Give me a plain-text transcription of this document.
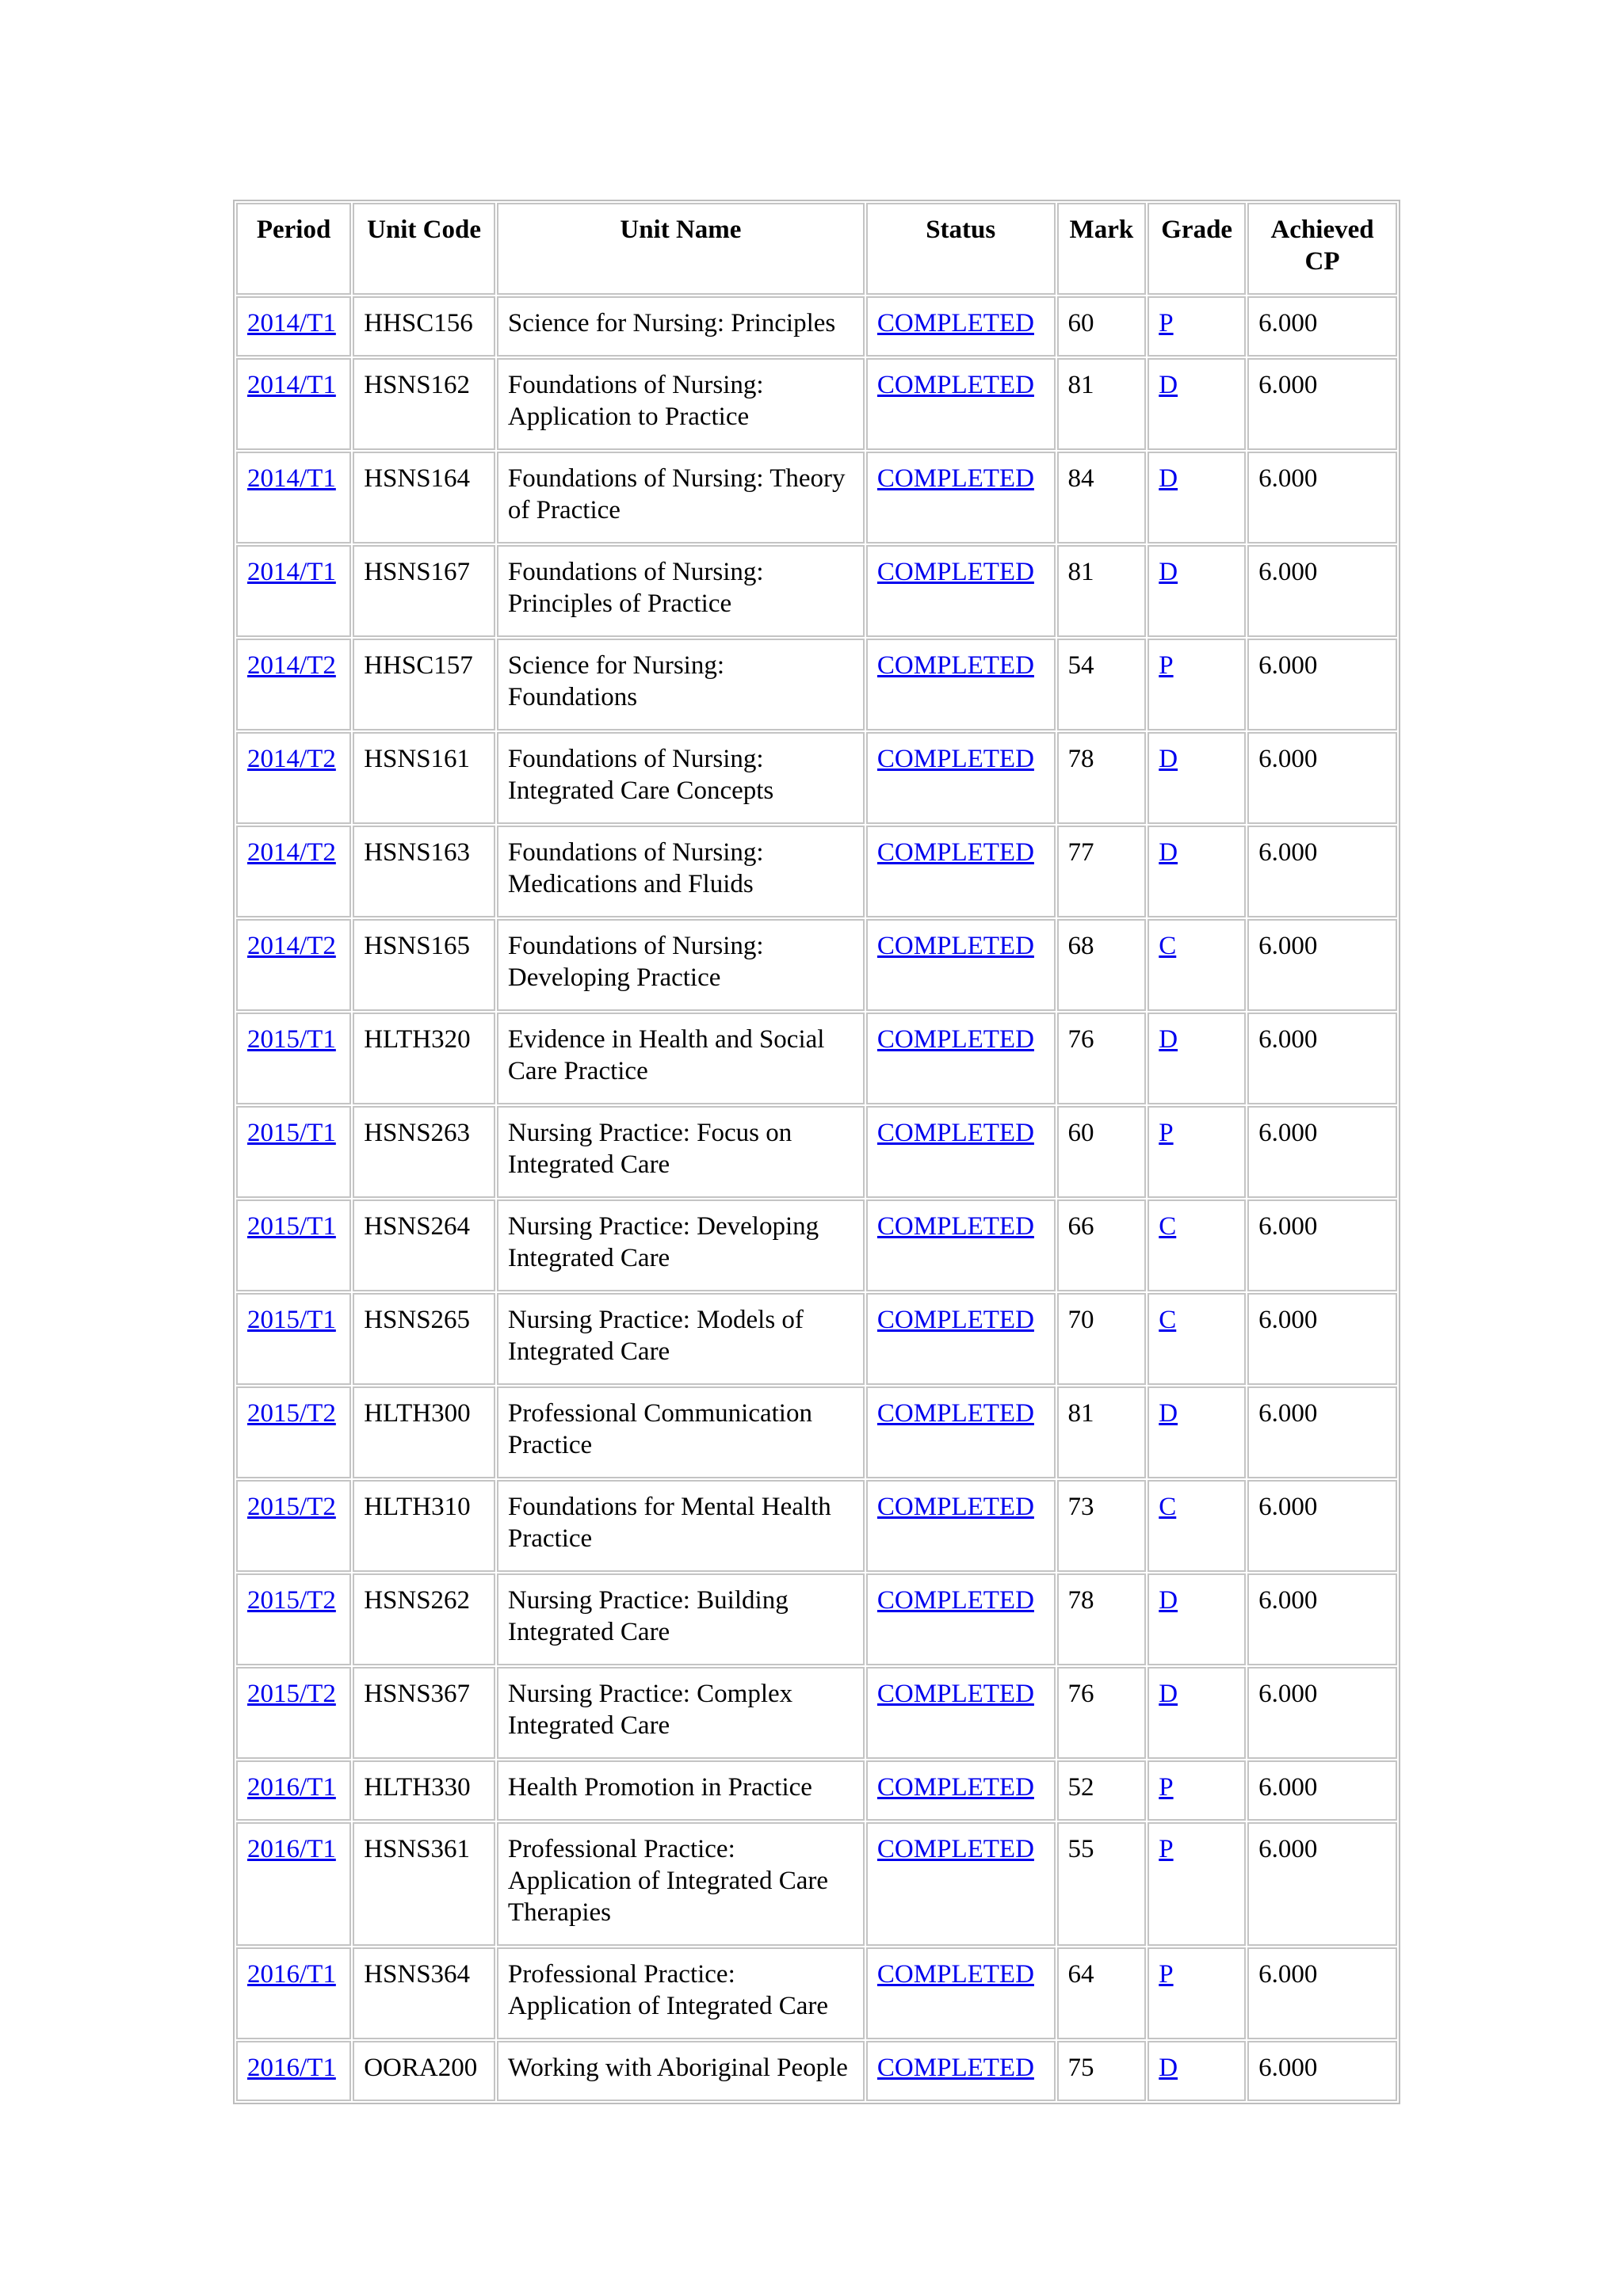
Period	Unit Code	Unit Name	Status	Mark	Grade	Achieved CP
2014/T1	HHSC156	Science for Nursing: Principles	COMPLETED	60	P	6.000
2014/T1	HSNS162	Foundations of Nursing: Application to Practice	COMPLETED	81	D	6.000
2014/T1	HSNS164	Foundations of Nursing: Theory of Practice	COMPLETED	84	D	6.000
2014/T1	HSNS167	Foundations of Nursing: Principles of Practice	COMPLETED	81	D	6.000
2014/T2	HHSC157	Science for Nursing: Foundations	COMPLETED	54	P	6.000
2014/T2	HSNS161	Foundations of Nursing: Integrated Care Concepts	COMPLETED	78	D	6.000
2014/T2	HSNS163	Foundations of Nursing: Medications and Fluids	COMPLETED	77	D	6.000
2014/T2	HSNS165	Foundations of Nursing: Developing Practice	COMPLETED	68	C	6.000
2015/T1	HLTH320	Evidence in Health and Social Care Practice	COMPLETED	76	D	6.000
2015/T1	HSNS263	Nursing Practice: Focus on Integrated Care	COMPLETED	60	P	6.000
2015/T1	HSNS264	Nursing Practice: Developing Integrated Care	COMPLETED	66	C	6.000
2015/T1	HSNS265	Nursing Practice: Models of Integrated Care	COMPLETED	70	C	6.000
2015/T2	HLTH300	Professional Communication Practice	COMPLETED	81	D	6.000
2015/T2	HLTH310	Foundations for Mental Health Practice	COMPLETED	73	C	6.000
2015/T2	HSNS262	Nursing Practice: Building Integrated Care	COMPLETED	78	D	6.000
2015/T2	HSNS367	Nursing Practice: Complex Integrated Care	COMPLETED	76	D	6.000
2016/T1	HLTH330	Health Promotion in Practice	COMPLETED	52	P	6.000
2016/T1	HSNS361	Professional Practice: Application of Integrated Care Therapies	COMPLETED	55	P	6.000
2016/T1	HSNS364	Professional Practice: Application of Integrated Care	COMPLETED	64	P	6.000
2016/T1	OORA200	Working with Aboriginal People	COMPLETED	75	D	6.000
